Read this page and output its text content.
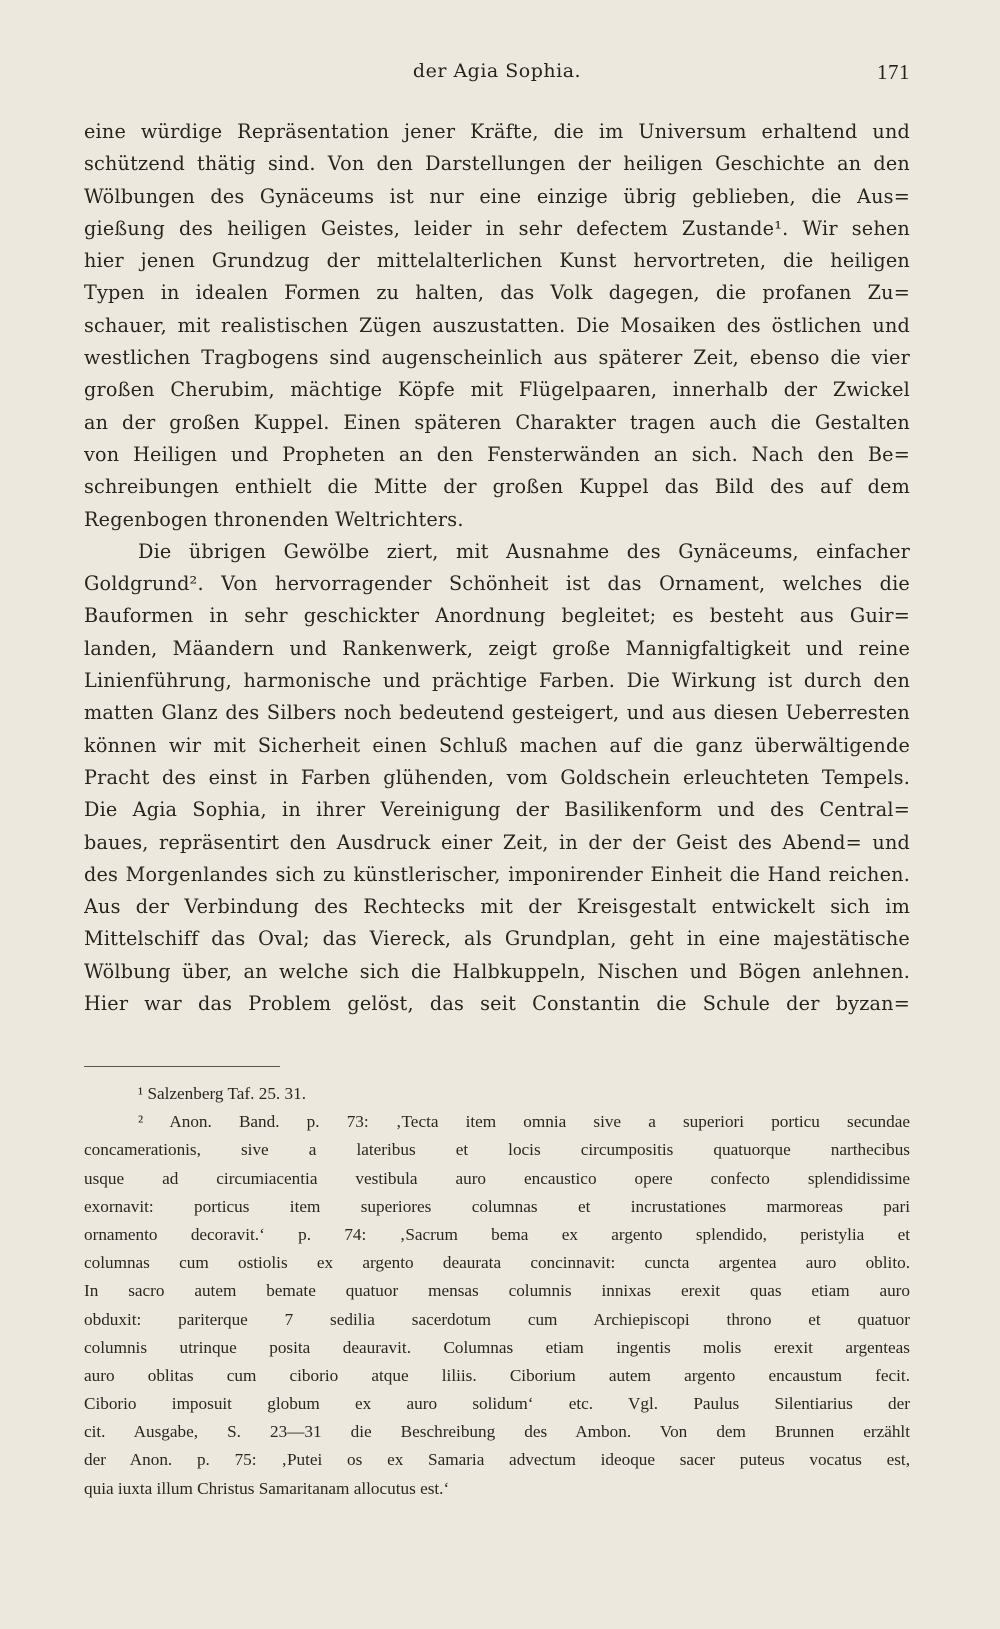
der Agia Sophia.	171
eine würdige Repräsentation jener Kräfte, die im Universum erhaltend und
schützend thätig sind. Von den Darstellungen der heiligen Geschichte an den
Wölbungen des Gynäceums ist nur eine einzige übrig geblieben, die Aus=
gießung des heiligen Geistes, leider in sehr defectem Zustande¹. Wir sehen
hier jenen Grundzug der mittelalterlichen Kunst hervortreten, die heiligen
Typen in idealen Formen zu halten, das Volk dagegen, die profanen Zu=
schauer, mit realistischen Zügen auszustatten. Die Mosaiken des östlichen und
westlichen Tragbogens sind augenscheinlich aus späterer Zeit, ebenso die vier
großen Cherubim, mächtige Köpfe mit Flügelpaaren, innerhalb der Zwickel
an der großen Kuppel. Einen späteren Charakter tragen auch die Gestalten
von Heiligen und Propheten an den Fensterwänden an sich. Nach den Be=
schreibungen enthielt die Mitte der großen Kuppel das Bild des auf dem
Regenbogen thronenden Weltrichters.
Die übrigen Gewölbe ziert, mit Ausnahme des Gynäceums, einfacher
Goldgrund². Von hervorragender Schönheit ist das Ornament, welches die
Bauformen in sehr geschickter Anordnung begleitet; es besteht aus Guir=
landen, Mäandern und Rankenwerk, zeigt große Mannigfaltigkeit und reine
Linienführung, harmonische und prächtige Farben. Die Wirkung ist durch den
matten Glanz des Silbers noch bedeutend gesteigert, und aus diesen Ueberresten
können wir mit Sicherheit einen Schluß machen auf die ganz überwältigende
Pracht des einst in Farben glühenden, vom Goldschein erleuchteten Tempels.
Die Agia Sophia, in ihrer Vereinigung der Basilikenform und des Central=
baues, repräsentirt den Ausdruck einer Zeit, in der der Geist des Abend= und
des Morgenlandes sich zu künstlerischer, imponirender Einheit die Hand reichen.
Aus der Verbindung des Rechtecks mit der Kreisgestalt entwickelt sich im
Mittelschiff das Oval; das Viereck, als Grundplan, geht in eine majestätische
Wölbung über, an welche sich die Halbkuppeln, Nischen und Bögen anlehnen.
Hier war das Problem gelöst, das seit Constantin die Schule der byzan=
¹ Salzenberg Taf. 25. 31.
² Anon. Band. p. 73: ‚Tecta item omnia sive a superiori porticu secundae
concamerationis, sive a lateribus et locis circumpositis quatuorque narthecibus
usque ad circumiacentia vestibula auro encaustico opere confecto splendidissime
exornavit: porticus item superiores columnas et incrustationes marmoreas pari
ornamento decoravit.‘ p. 74: ‚Sacrum bema ex argento splendido, peristylia et
columnas cum ostiolis ex argento deaurata concinnavit: cuncta argentea auro oblito.
In sacro autem bemate quatuor mensas columnis innixas erexit quas etiam auro
obduxit: pariterque 7 sedilia sacerdotum cum Archiepiscopi throno et quatuor
columnis utrinque posita deauravit. Columnas etiam ingentis molis erexit argenteas
auro oblitas cum ciborio atque liliis. Ciborium autem argento encaustum fecit.
Ciborio imposuit globum ex auro solidum‘ etc. Vgl. Paulus Silentiarius der
cit. Ausgabe, S. 23—31 die Beschreibung des Ambon. Von dem Brunnen erzählt
der Anon. p. 75: ‚Putei os ex Samaria advectum ideoque sacer puteus vocatus est,
quia iuxta illum Christus Samaritanam allocutus est.‘
